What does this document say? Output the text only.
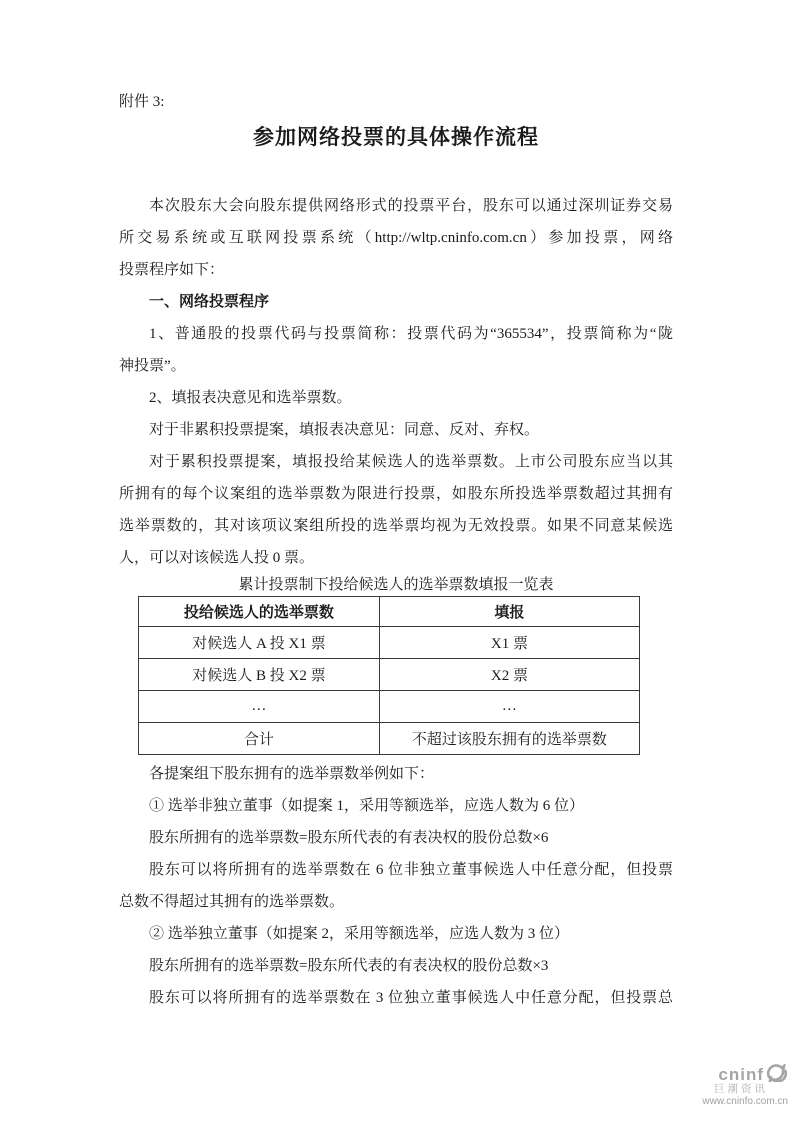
附件 3:
参加网络投票的具体操作流程
本次股东大会向股东提供网络形式的投票平台，股东可以通过深圳证券交易
所交易系统或互联网投票系统（http://wltp.cninfo.com.cn）参加投票，网络
投票程序如下：
一、网络投票程序
1、普通股的投票代码与投票简称：投票代码为“365534”，投票简称为“陇
神投票”。
2、填报表决意见和选举票数。
对于非累积投票提案，填报表决意见：同意、反对、弃权。
对于累积投票提案，填报投给某候选人的选举票数。上市公司股东应当以其
所拥有的每个议案组的选举票数为限进行投票，如股东所投选举票数超过其拥有
选举票数的，其对该项议案组所投的选举票均视为无效投票。如果不同意某候选
人，可以对该候选人投 0 票。
累计投票制下投给候选人的选举票数填报一览表
投给候选人的选举票数	填报
对候选人 A 投 X1 票	X1 票
对候选人 B 投 X2 票	X2 票
…	…
合计	不超过该股东拥有的选举票数
各提案组下股东拥有的选举票数举例如下：
① 选举非独立董事（如提案 1，采用等额选举，应选人数为 6 位）
股东所拥有的选举票数=股东所代表的有表决权的股份总数×6
股东可以将所拥有的选举票数在 6 位非独立董事候选人中任意分配，但投票
总数不得超过其拥有的选举票数。
② 选举独立董事（如提案 2，采用等额选举，应选人数为 3 位）
股东所拥有的选举票数=股东所代表的有表决权的股份总数×3
股东可以将所拥有的选举票数在 3 位独立董事候选人中任意分配，但投票总
cninf
巨潮资讯
www.cninfo.com.cn
